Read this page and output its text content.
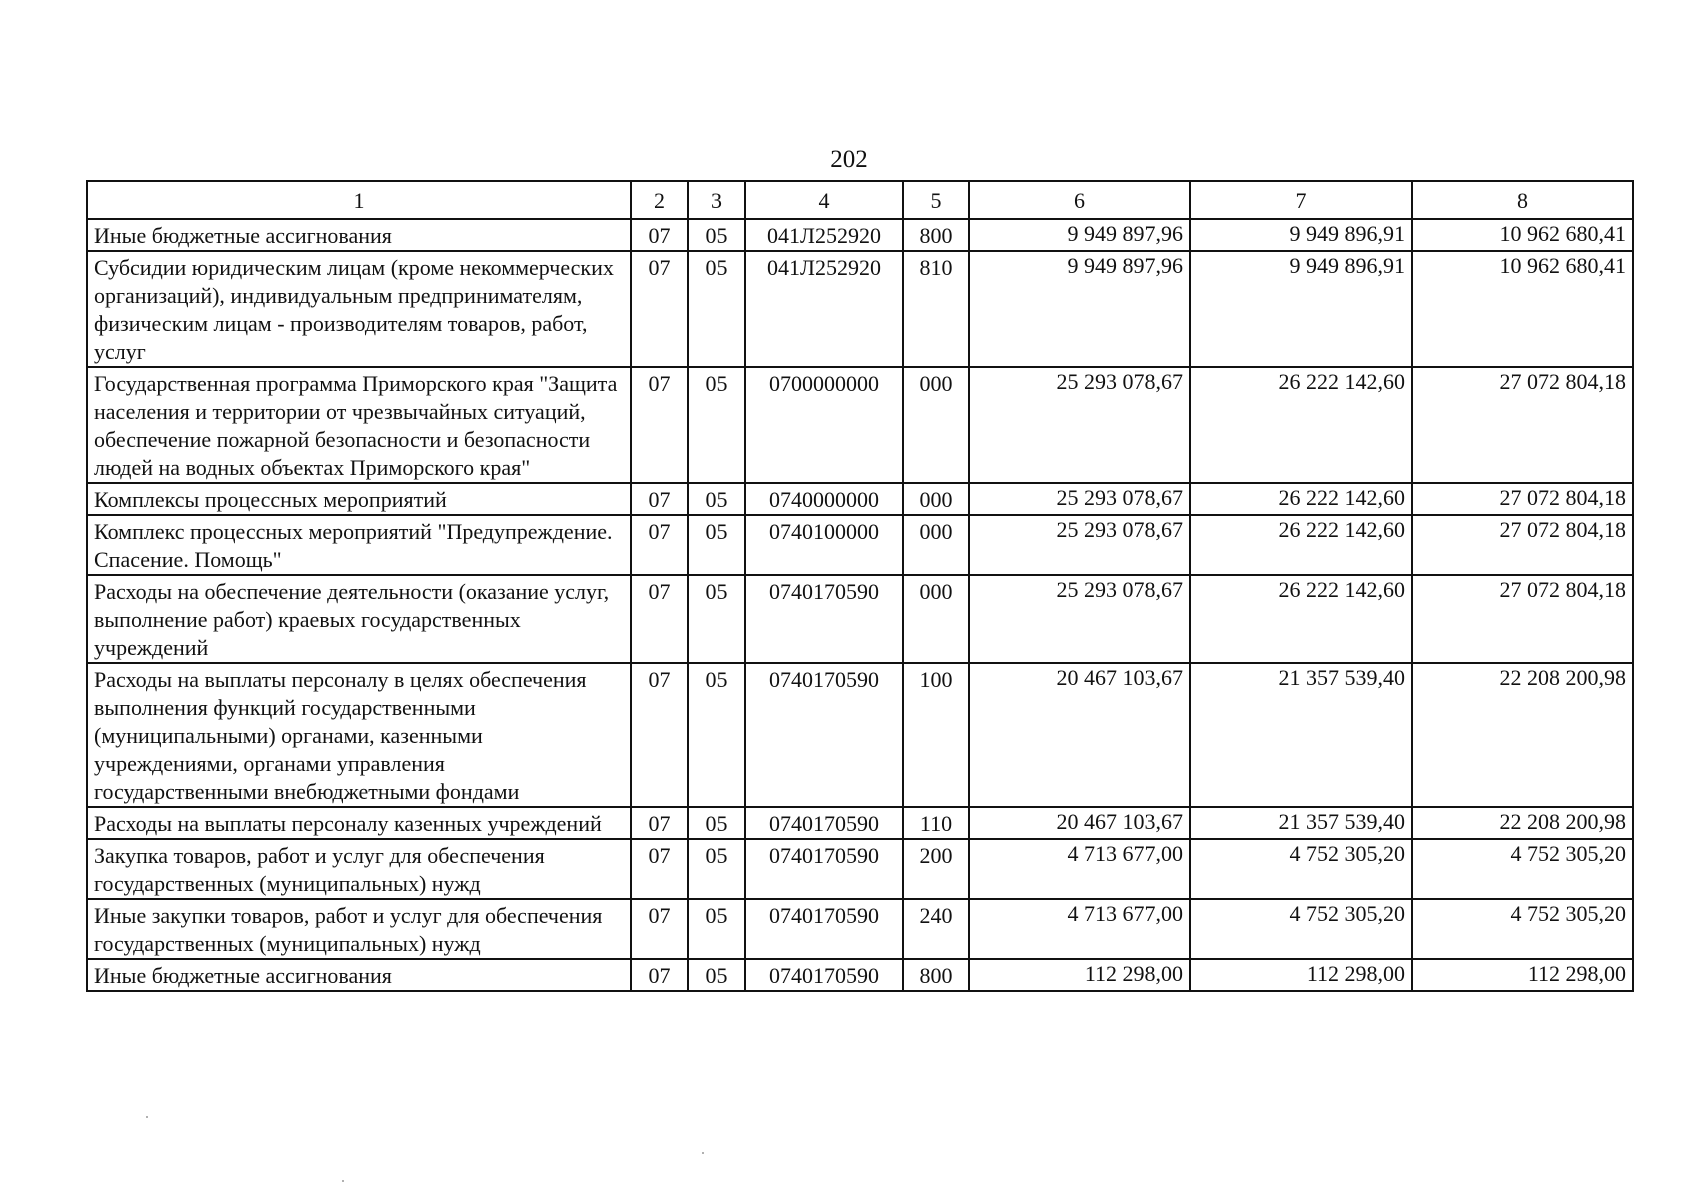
202
1	2	3	4	5	6	7	8
Иные бюджетные ассигнования	07	05	041Л252920	800	9 949 897,96	9 949 896,91	10 962 680,41
Субсидии юридическим лицам (кроме некоммерческих организаций), индивидуальным предпринимателям, физическим лицам - производителям товаров, работ, услуг	07	05	041Л252920	810	9 949 897,96	9 949 896,91	10 962 680,41
Государственная программа Приморского края "Защита населения и территории от чрезвычайных ситуаций, обеспечение пожарной безопасности и безопасности людей на водных объектах Приморского края"	07	05	0700000000	000	25 293 078,67	26 222 142,60	27 072 804,18
Комплексы процессных мероприятий	07	05	0740000000	000	25 293 078,67	26 222 142,60	27 072 804,18
Комплекс процессных мероприятий "Предупреждение. Спасение. Помощь"	07	05	0740100000	000	25 293 078,67	26 222 142,60	27 072 804,18
Расходы на обеспечение деятельности (оказание услуг, выполнение работ) краевых государственных учреждений	07	05	0740170590	000	25 293 078,67	26 222 142,60	27 072 804,18
Расходы на выплаты персоналу в целях обеспечения выполнения функций государственными (муниципальными) органами, казенными учреждениями, органами управления государственными внебюджетными фондами	07	05	0740170590	100	20 467 103,67	21 357 539,40	22 208 200,98
Расходы на выплаты персоналу казенных учреждений	07	05	0740170590	110	20 467 103,67	21 357 539,40	22 208 200,98
Закупка товаров, работ и услуг для обеспечения государственных (муниципальных) нужд	07	05	0740170590	200	4 713 677,00	4 752 305,20	4 752 305,20
Иные закупки товаров, работ и услуг для обеспечения государственных (муниципальных) нужд	07	05	0740170590	240	4 713 677,00	4 752 305,20	4 752 305,20
Иные бюджетные ассигнования	07	05	0740170590	800	112 298,00	112 298,00	112 298,00
